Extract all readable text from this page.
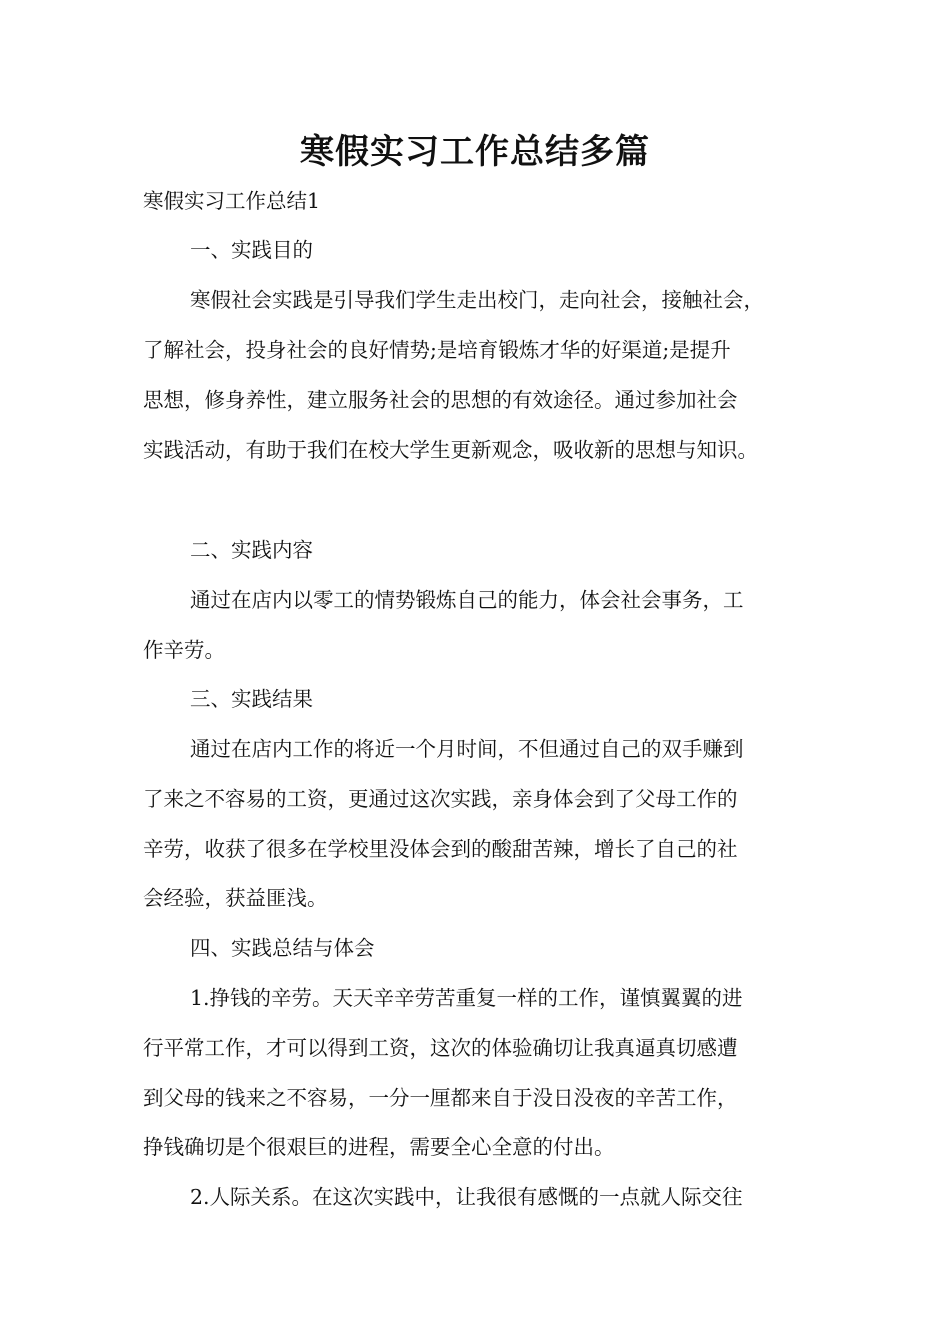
寒假实习工作总结多篇
寒假实习工作总结1
一、实践目的
寒假社会实践是引导我们学生走出校门，走向社会，接触社会，
了解社会，投身社会的良好情势;是培育锻炼才华的好渠道;是提升
思想，修身养性，建立服务社会的思想的有效途径。通过参加社会
实践活动，有助于我们在校大学生更新观念，吸收新的思想与知识。
二、实践内容
通过在店内以零工的情势锻炼自己的能力，体会社会事务，工
作辛劳。
三、实践结果
通过在店内工作的将近一个月时间，不但通过自己的双手赚到
了来之不容易的工资，更通过这次实践，亲身体会到了父母工作的
辛劳，收获了很多在学校里没体会到的酸甜苦辣，增长了自己的社
会经验，获益匪浅。
四、实践总结与体会
1.挣钱的辛劳。天天辛辛劳苦重复一样的工作，谨慎翼翼的进
行平常工作，才可以得到工资，这次的体验确切让我真逼真切感遭
到父母的钱来之不容易，一分一厘都来自于没日没夜的辛苦工作，
挣钱确切是个很艰巨的进程，需要全心全意的付出。
2.人际关系。在这次实践中，让我很有感慨的一点就人际交往
